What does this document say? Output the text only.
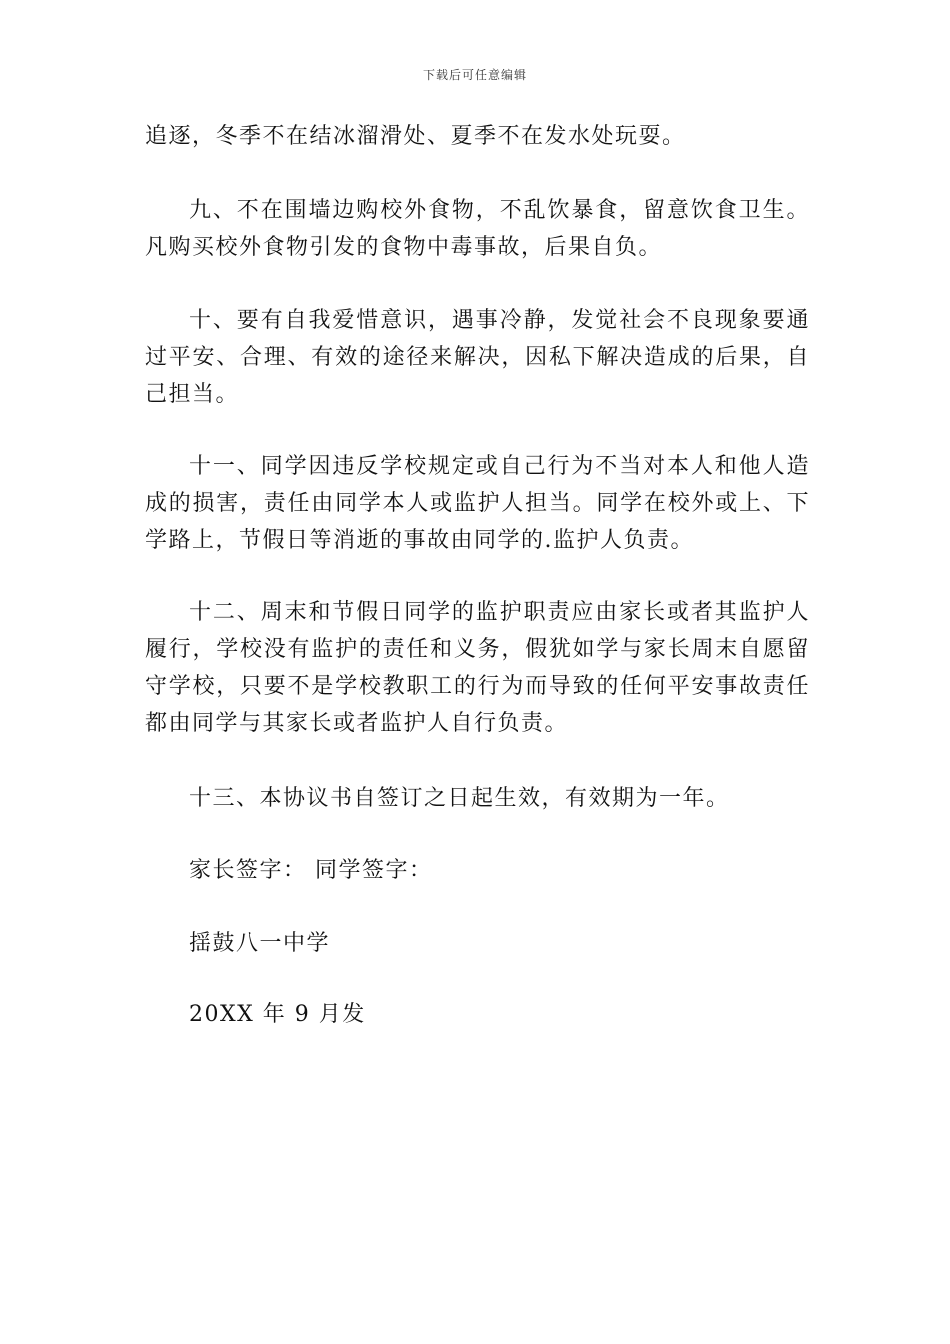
下载后可任意编辑

追逐，冬季不在结冰溜滑处、夏季不在发水处玩耍。

九、不在围墙边购校外食物，不乱饮暴食，留意饮食卫生。凡购买校外食物引发的食物中毒事故，后果自负。

十、要有自我爱惜意识，遇事冷静，发觉社会不良现象要通过平安、合理、有效的途径来解决，因私下解决造成的后果，自己担当。

十一、同学因违反学校规定或自己行为不当对本人和他人造成的损害，责任由同学本人或监护人担当。同学在校外或上、下学路上，节假日等消逝的事故由同学的.监护人负责。

十二、周末和节假日同学的监护职责应由家长或者其监护人履行，学校没有监护的责任和义务，假犹如学与家长周末自愿留守学校，只要不是学校教职工的行为而导致的任何平安事故责任都由同学与其家长或者监护人自行负责。

十三、本协议书自签订之日起生效，有效期为一年。

家长签字： 同学签字：

揺鼓八一中学

20XX 年 9 月发
